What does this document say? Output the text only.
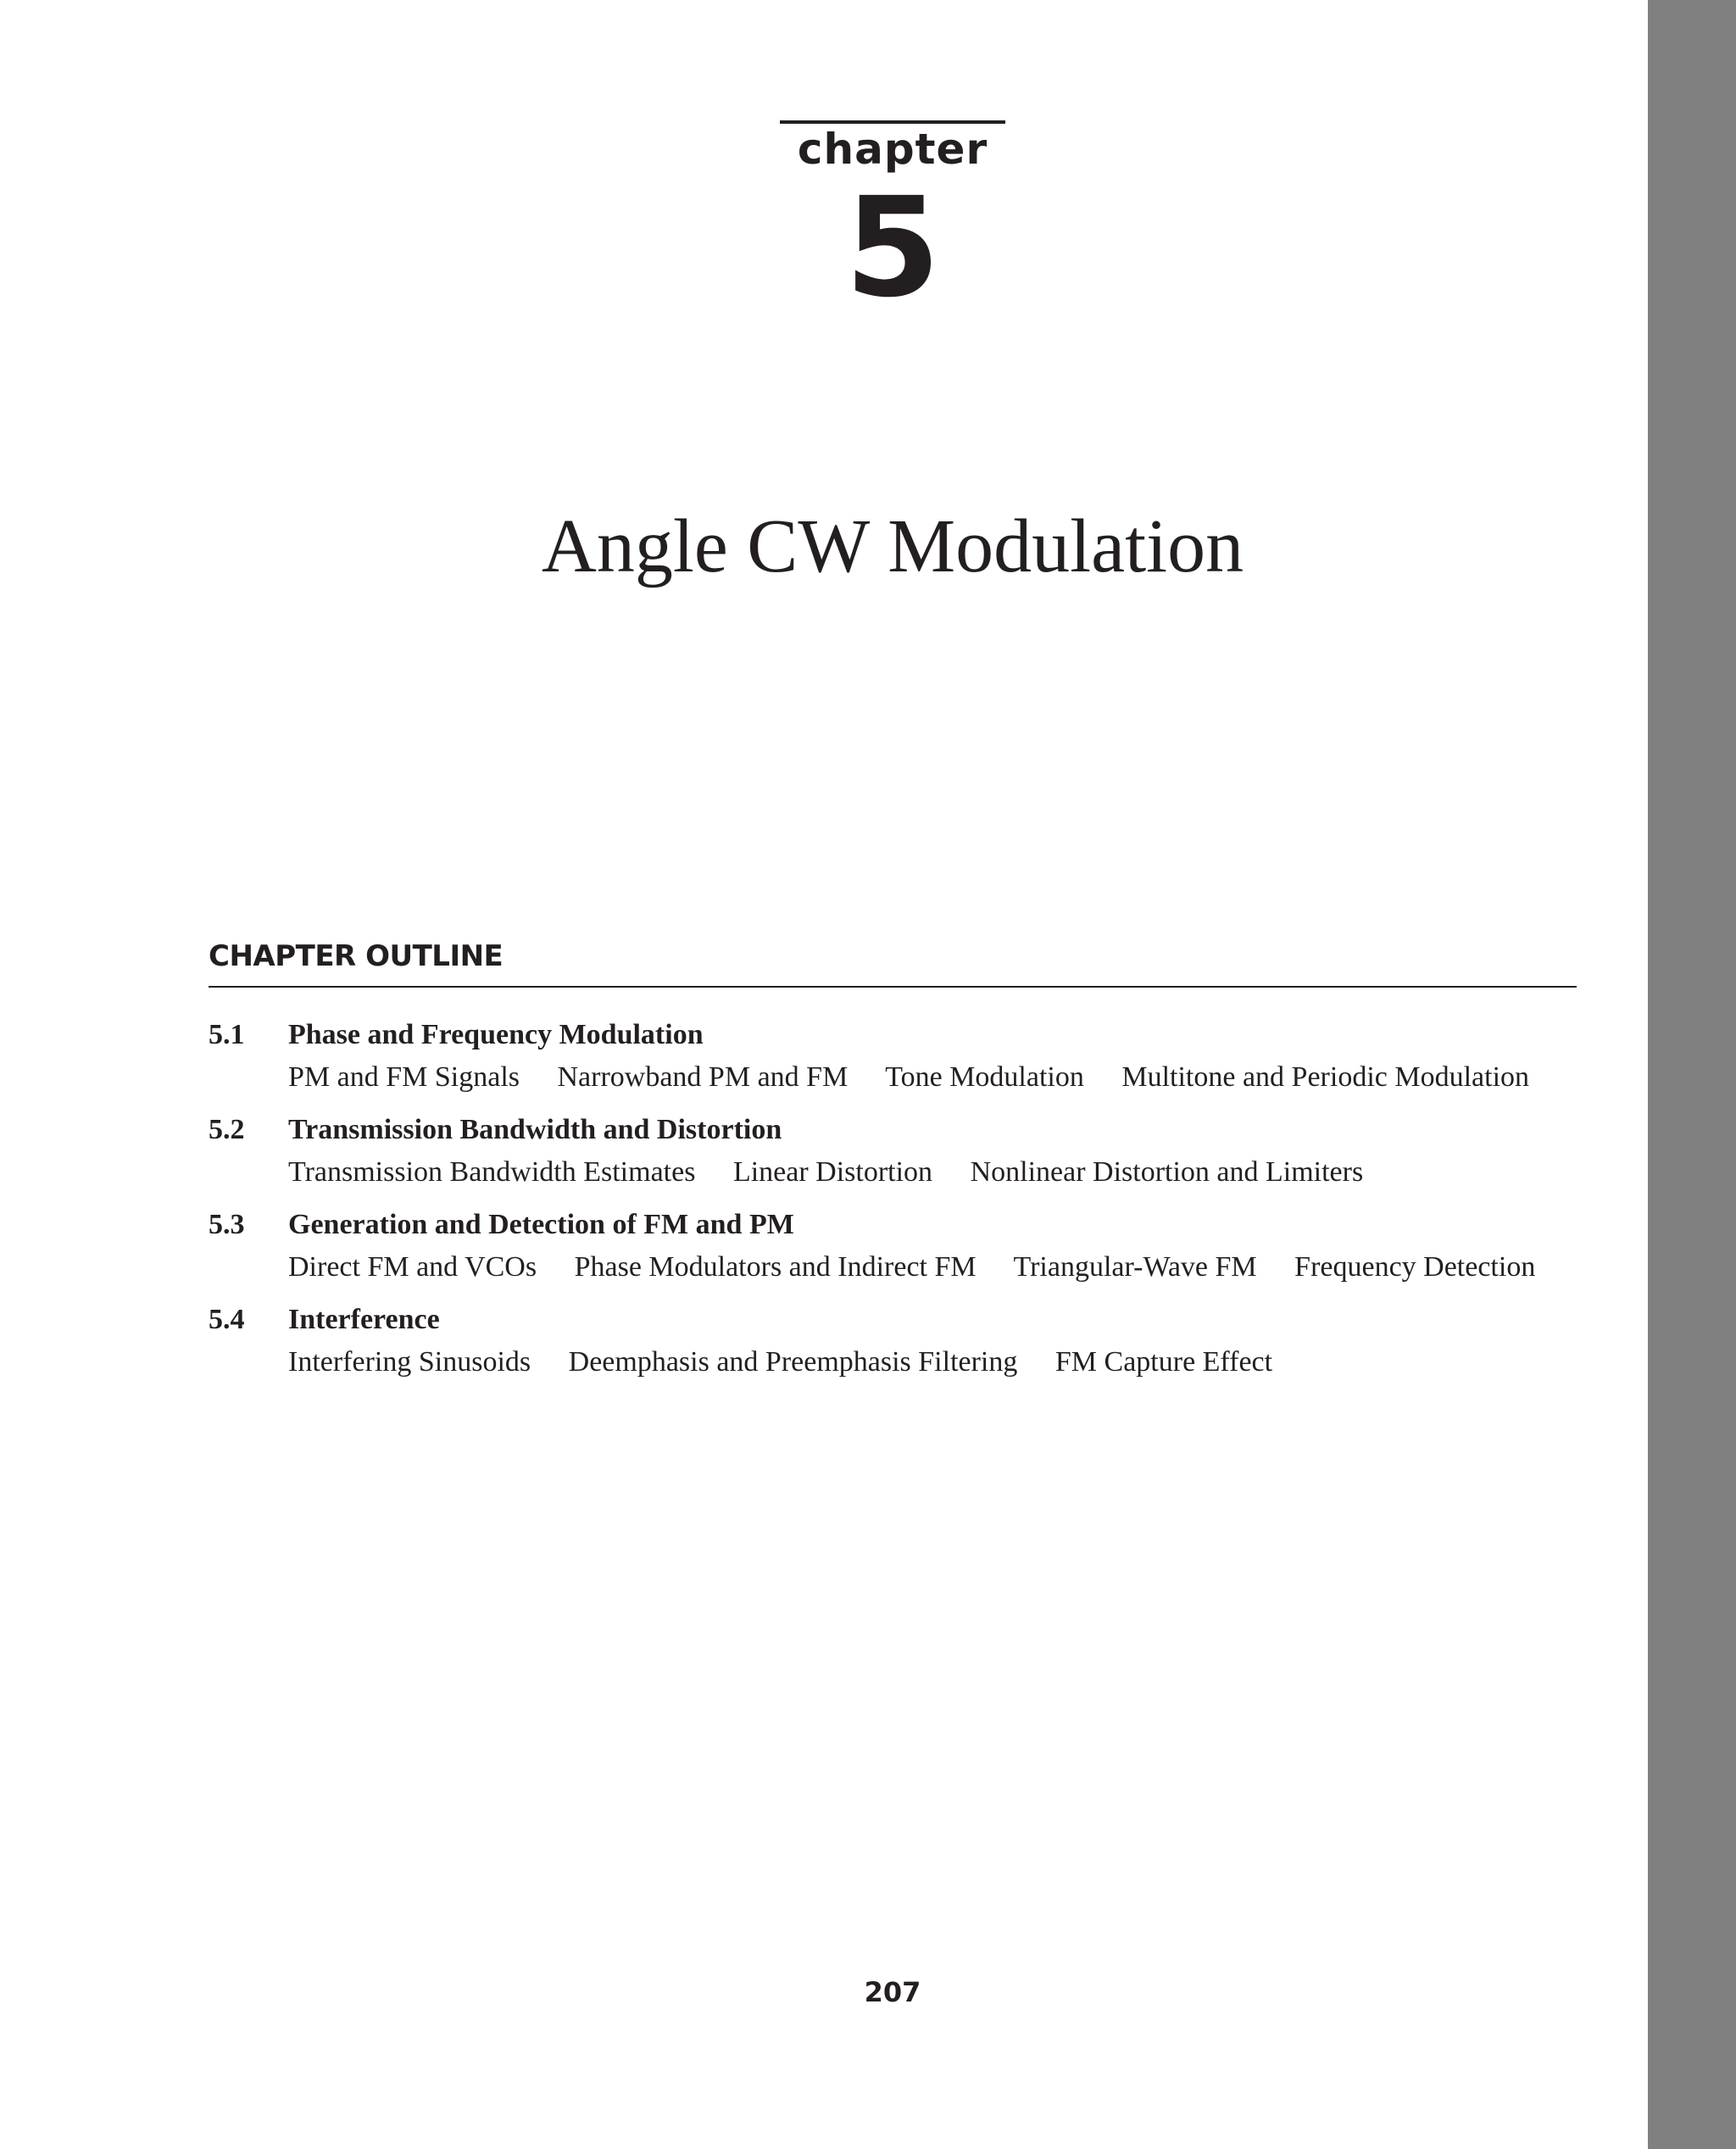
chapter
5
Angle CW Modulation
CHAPTER OUTLINE
5.1	Phase and Frequency Modulation
PM and FM Signals Narrowband PM and FM Tone Modulation Multitone and Periodic Modulation
5.2	Transmission Bandwidth and Distortion
Transmission Bandwidth Estimates Linear Distortion Nonlinear Distortion and Limiters
5.3	Generation and Detection of FM and PM
Direct FM and VCOs Phase Modulators and Indirect FM Triangular-Wave FM Frequency Detection
5.4	Interference
Interfering Sinusoids Deemphasis and Preemphasis Filtering FM Capture Effect
207
